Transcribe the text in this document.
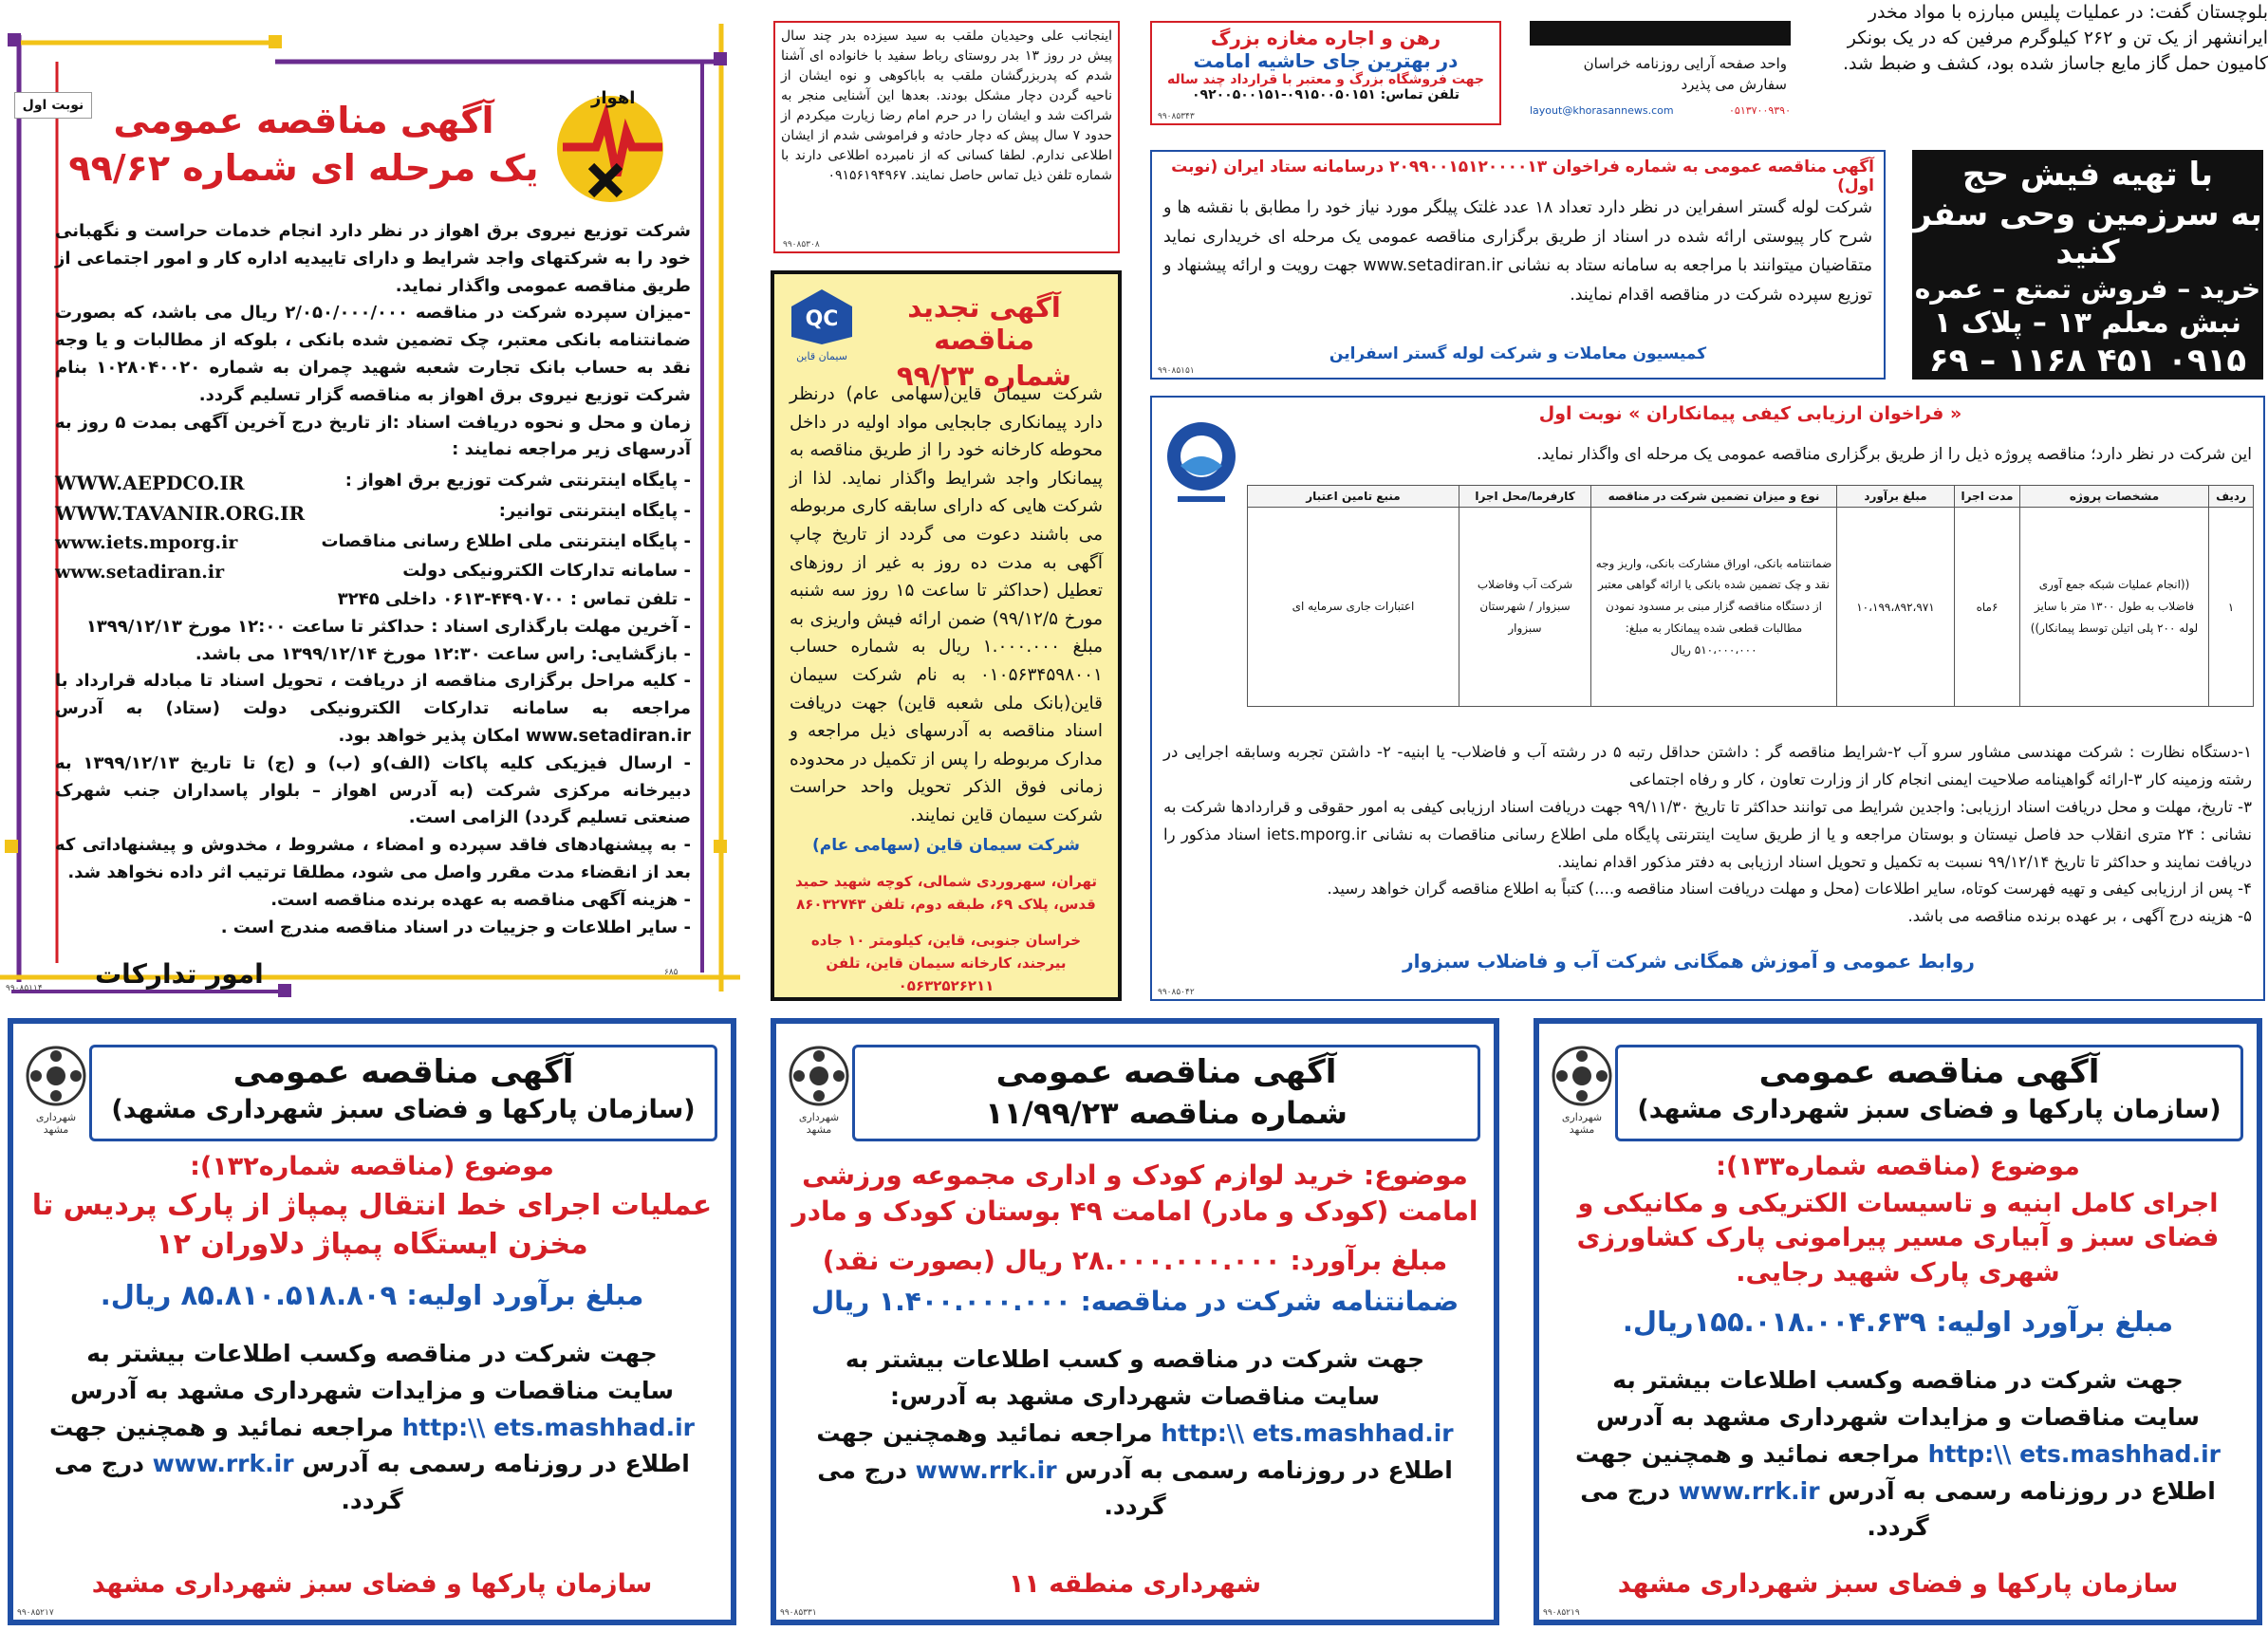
بلوچستان گفت: در عملیات پلیس مبارزه با مواد مخدر

ایرانشهر از یک تن و ۲۶۲ کیلوگرم مرفین که در یک بونکر

کامیون حمل گاز مایع جاساز شده بود، کشف و ضبط شد.

نوبت اول	اهواز

آگهی مناقصه عمومی

یک مرحله ای شماره ۹۹/۶۲

شرکت توزیع نیروی برق اهواز در نظر دارد انجام خدمات حراست و نگهبانی خود را به شرکتهای واجد شرایط و دارای تاییدیه اداره کار و امور اجتماعی از طریق مناقصه عمومی واگذار نماید.

-میزان سپرده شرکت در مناقصه ۲/۰۵۰/۰۰۰/۰۰۰ ریال می باشد، که بصورت ضمانتنامه بانکی معتبر، چک تضمین شده بانکی ، بلوکه از مطالبات و یا وجه نقد به حساب بانک تجارت شعبه شهید چمران به شماره ۱۰۲۸۰۴۰۰۲۰ بنام شرکت توزیع نیروی برق اهواز به مناقصه گزار تسلیم گردد.

زمان و محل و نحوه دریافت اسناد :از تاریخ درج آخرین آگهی بمدت ۵ روز به آدرسهای زیر مراجعه نمایند :

- پایگاه اینترنتی شرکت توزیع برق اهواز :
WWW.AEPDCO.IR
- پایگاه اینترنتی توانیر:
WWW.TAVANIR.ORG.IR
- پایگاه اینترنتی ملی اطلاع رسانی مناقصات
www.iets.mporg.ir
- سامانه تدارکات الکترونیکی دولت
www.setadiran.ir

- تلفن تماس : ۴۴۹۰۷۰۰-۰۶۱۳ داخلی ۳۲۴۵

- آخرین مهلت بارگذاری اسناد : حداکثر تا ساعت ۱۲:۰۰ مورخ ۱۳۹۹/۱۲/۱۳

- بازگشایی: راس ساعت ۱۲:۳۰ مورخ ۱۳۹۹/۱۲/۱۴ می باشد.

- کلیه مراحل برگزاری مناقصه از دریافت ، تحویل اسناد تا مبادله قرارداد با مراجعه به سامانه تدارکات الکترونیکی دولت (ستاد) به آدرس www.setadiran.ir امکان پذیر خواهد بود.

- ارسال فیزیکی کلیه پاکات (الف)و (ب) و (ج) تا تاریخ ۱۳۹۹/۱۲/۱۳ به دبیرخانه مرکزی شرکت (به آدرس اهواز – بلوار پاسداران جنب شهرک صنعتی تسلیم گردد) الزامی است.

- به پیشنهادهای فاقد سپرده و امضاء ، مشروط ، مخدوش و پیشنهاداتی که بعد از انقضاء مدت مقرر واصل می شود، مطلقا ترتیب اثر داده نخواهد شد.

- هزینه آگهی مناقصه به عهده برنده مناقصه است.

- سایر اطلاعات و جزییات در اسناد مناقصه مندرج است .

امور تدارکات
۹۹۰۸۵۱۱۴
۶۸۵

اینجانب علی وحیدیان ملقب به سید سیزده بدر چند سال پیش در روز ۱۳ بدر روستای رباط سفید با خانواده ای آشنا شدم که پدربزرگشان ملقب به باباکوهی و نوه ایشان از ناحیه گردن دچار مشکل بودند. بعدها این آشنایی منجر به شراکت شد و ایشان را در حرم امام رضا زیارت میکردم از حدود ۷ سال پیش که دچار حادثه و فراموشی شدم از ایشان اطلاعی ندارم. لطفا کسانی که از نامبرده اطلاعی دارند با شماره تلفن ذیل تماس حاصل نمایند. ۰۹۱۵۶۱۹۴۹۶۷

۹۹۰۸۵۳۰۸
QC
سیمان قاین

آگهی تجدید مناقصه

شماره ۹۹/۲۳

شرکت سیمان قاین(سهامی عام) درنظر دارد پیمانکاری جابجایی مواد اولیه در داخل محوطه کارخانه خود را از طریق مناقصه به پیمانکار واجد شرایط واگذار نماید. لذا از شرکت هایی که دارای سابقه کاری مربوطه می باشند دعوت می گردد از تاریخ چاپ آگهی به مدت ده روز به غیر از روزهای تعطیل (حداکثر تا ساعت ۱۵ روز سه شنبه مورخ ۹۹/۱۲/۵) ضمن ارائه فیش واریزی به مبلغ ۱.۰۰۰.۰۰۰ ریال به شماره حساب ۰۱۰۵۶۳۴۵۹۸۰۰۱ به نام شرکت سیمان قاین(بانک ملی شعبه قاین) جهت دریافت اسناد مناقصه به آدرسهای ذیل مراجعه و مدارک مربوطه را پس از تکمیل در محدوده زمانی فوق الذکر تحویل واحد حراست شرکت سیمان قاین نمایند.

شرکت سیمان قاین (سهامی عام)

تهران، سهروردی شمالی، کوچه شهید حمید قدس، پلاک ۶۹، طبقه دوم، تلفن ۸۶۰۳۲۷۴۳

خراسان جنوبی، قاین، کیلومتر ۱۰ جاده بیرجند، کارخانه سیمان قاین، تلفن ۰۵۶۳۲۵۲۶۲۱۱

رهن و اجاره مغازه بزرگ

در بهترین جای حاشیه امامت

جهت فروشگاه بزرگ و معتبر با قرارداد چند ساله

تلفن تماس: ۰۹۱۵۰۰۵۰۱۵۱-۰۹۲۰۰۵۰۰۱۵۱

۹۹۰۸۵۳۴۳

واحد صفحه آرایی روزنامه خراسان

سفارش می پذیرد

layout@khorasannews.com	۰۵۱۳۷۰۰۹۳۹۰

با تهیه فیش حج

به سرزمین وحی سفر کنید

خرید – فروش تمتع – عمره

نبش معلم ۱۳ – پلاک ۱

۰۹۱۵ ۴۵۱ ۱۱۶۸ – ۶۹

آگهی مناقصه عمومی به شماره فراخوان ۲۰۹۹۰۰۱۵۱۲۰۰۰۰۱۳ درسامانه ستاد ایران (نوبت اول)

شرکت لوله گستر اسفراین در نظر دارد تعداد ۱۸ عدد غلتک پیلگر مورد نیاز خود را مطابق با نقشه ها و شرح کار پیوستی ارائه شده در اسناد از طریق برگزاری مناقصه عمومی یک مرحله ای خریداری نماید متقاضیان میتوانند با مراجعه به سامانه ستاد به نشانی www.setadiran.ir جهت رویت و ارائه پیشنهاد و توزیع سپرده شرکت در مناقصه اقدام نمایند.

کمیسیون معاملات و شرکت لوله گستر اسفراین

۹۹۰۸۵۱۵۱

« فراخوان ارزیابی کیفی پیمانکاران » نوبت اول

این شرکت در نظر دارد؛ مناقصه پروژه ذیل را از طریق برگزاری مناقصه عمومی یک مرحله ای واگذار نماید.

ردیف	مشخصات پروژه	مدت اجرا	مبلغ برآورد	نوع و میزان تضمین شرکت در مناقصه	کارفرما/محل اجرا	منبع تامین اعتبار
۱	((انجام عملیات شبکه جمع آوری فاضلاب به طول ۱۳۰۰ متر با سایز لوله ۲۰۰ پلی اتیلن توسط پیمانکار))	۶ماه	۱۰،۱۹۹،۸۹۲،۹۷۱	ضمانتنامه بانکی، اوراق مشارکت بانکی، واریز وجه نقد و چک تضمین شده بانکی یا ارائه گواهی معتبر از دستگاه مناقصه گزار مبنی بر مسدود نمودن مطالبات قطعی شده پیمانکار به مبلغ: ۵۱۰،۰۰۰،۰۰۰ ریال	شرکت آب وفاضلاب سبزوار / شهرستان سبزوار	اعتبارات جاری سرمایه ای

۱-دستگاه نظارت : شرکت مهندسی مشاور سرو آب ۲-شرایط مناقصه گر : داشتن حداقل رتبه ۵ در رشته آب و فاضلاب- یا ابنیه- ۲- داشتن تجربه وسابقه اجرایی در رشته وزمینه کار ۳-ارائه گواهینامه صلاحیت ایمنی انجام کار از وزارت تعاون ، کار و رفاه اجتماعی

۳- تاریخ، مهلت و محل دریافت اسناد ارزیابی: واجدین شرایط می توانند حداکثر تا تاریخ ۹۹/۱۱/۳۰ جهت دریافت اسناد ارزیابی کیفی به امور حقوقی و قراردادها شرکت به نشانی : ۲۴ متری انقلاب حد فاصل نیستان و بوستان مراجعه و یا از طریق سایت اینترنتی پایگاه ملی اطلاع رسانی مناقصات به نشانی iets.mporg.ir اسناد مذکور را دریافت نمایند و حداکثر تا تاریخ ۹۹/۱۲/۱۴ نسبت به تکمیل و تحویل اسناد ارزیابی به دفتر مذکور اقدام نمایند.

۴- پس از ارزیابی کیفی و تهیه فهرست کوتاه، سایر اطلاعات (محل و مهلت دریافت اسناد مناقصه و....) کتباً به اطلاع مناقصه گران خواهد رسید.

۵- هزینه درج آگهی ، بر عهده برنده مناقصه می باشد.

روابط عمومی و آموزش همگانی شرکت آب و فاضلاب سبزوار

۹۹۰۸۵۰۴۲
شهرداری مشهد

آگهی مناقصه عمومی

(سازمان پارکها و فضای سبز شهرداری مشهد)

موضوع (مناقصه شماره۱۳۲):

عملیات اجرای خط انتقال پمپاژ از پارک پردیس تا مخزن ایستگاه پمپاژ دلاوران ۱۲

مبلغ برآورد اولیه: ۸۵.۸۱۰.۵۱۸.۸۰۹ ریال.

جهت شرکت در مناقصه وکسب اطلاعات بیشتر به

سایت مناقصات و مزایدات شهرداری مشهد به آدرس

http:\\ ets.mashhad.ir مراجعه نمائید و همچنین جهت

اطلاع در روزنامه رسمی به آدرس www.rrk.ir درج می گردد.

سازمان پارکها و فضای سبز شهرداری مشهد

۹۹۰۸۵۲۱۷
شهرداری مشهد

آگهی مناقصه عمومی

شماره مناقصه ۱۱/۹۹/۲۳

موضوع: خرید لوازم کودک و اداری مجموعه ورزشی امامت (کودک و مادر) امامت ۴۹ بوستان کودک و مادر

مبلغ برآورد: ۲۸.۰۰۰.۰۰۰.۰۰۰ ریال (بصورت نقد)

ضمانتنامه شرکت در مناقصه: ۱.۴۰۰.۰۰۰.۰۰۰ ریال

جهت شرکت در مناقصه و کسب اطلاعات بیشتر به

سایت مناقصات شهرداری مشهد به آدرس:

http:\\ ets.mashhad.ir مراجعه نمائید وهمچنین جهت

اطلاع در روزنامه رسمی به آدرس www.rrk.ir درج می گردد.

شهرداری منطقه ۱۱

۹۹۰۸۵۳۳۱
شهرداری مشهد

آگهی مناقصه عمومی

(سازمان پارکها و فضای سبز شهرداری مشهد)

موضوع (مناقصه شماره۱۳۳):

اجرای کامل ابنیه و تاسیسات الکتریکی و مکانیکی و فضای سبز و آبیاری مسیر پیرامونی پارک کشاورزی شهری پارک شهید رجایی.

مبلغ برآورد اولیه: ۱۵۵.۰۱۸.۰۰۴.۶۳۹ریال.

جهت شرکت در مناقصه وکسب اطلاعات بیشتر به

سایت مناقصات و مزایدات شهرداری مشهد به آدرس

http:\\ ets.mashhad.ir مراجعه نمائید و همچنین جهت

اطلاع در روزنامه رسمی به آدرس www.rrk.ir درج می گردد.

سازمان پارکها و فضای سبز شهرداری مشهد

۹۹۰۸۵۲۱۹
